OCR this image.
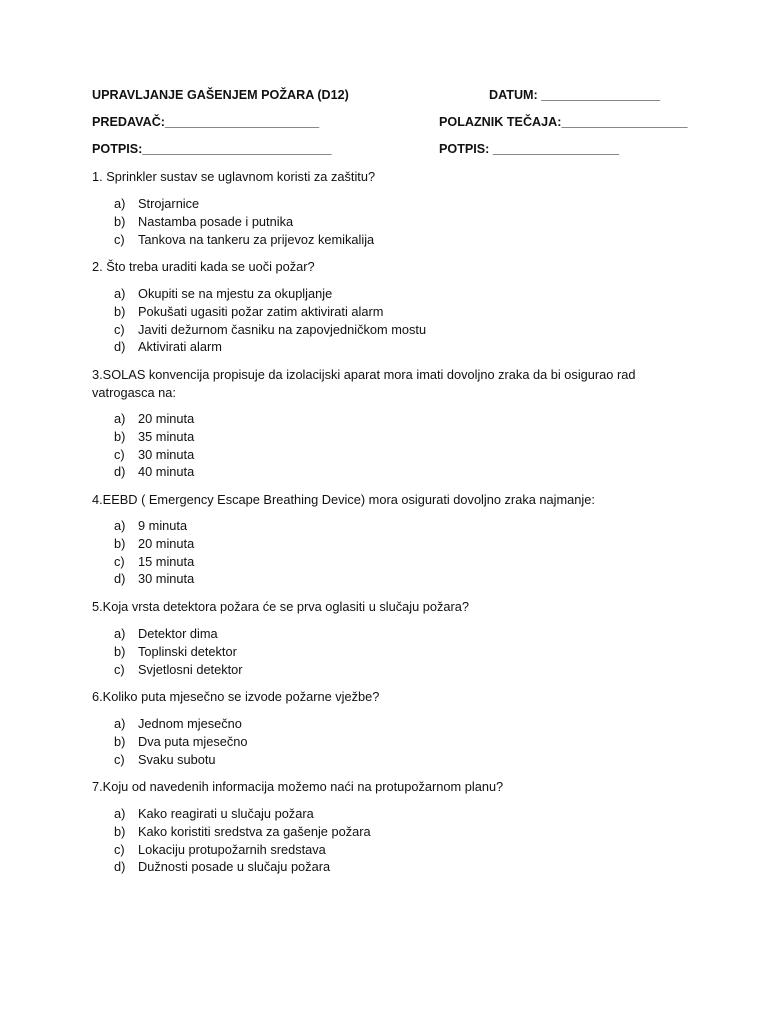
UPRAVLJANJE GAŠENJEM POŽARA (D12)	DATUM: _________________
PREDAVAČ:______________________	POLAZNIK TEČAJA:__________________
POTPIS:___________________________	POTPIS: __________________
1. Sprinkler sustav se uglavnom koristi za zaštitu?
a) Strojarnice
b) Nastamba posade i putnika
c) Tankova na tankeru za prijevoz kemikalija
2. Što treba uraditi kada se uoči požar?
a) Okupiti se na mjestu za okupljanje
b) Pokušati ugasiti požar zatim aktivirati alarm
c) Javiti dežurnom časniku na zapovjedničkom mostu
d) Aktivirati alarm
3.SOLAS konvencija propisuje da izolacijski aparat mora imati dovoljno zraka da bi osigurao rad vatrogasca na:
a) 20 minuta
b) 35 minuta
c) 30 minuta
d) 40 minuta
4.EEBD ( Emergency Escape Breathing Device) mora osigurati dovoljno zraka najmanje:
a) 9 minuta
b) 20 minuta
c) 15 minuta
d) 30 minuta
5.Koja vrsta detektora požara će se prva oglasiti u slučaju požara?
a) Detektor dima
b) Toplinski detektor
c) Svjetlosni detektor
6.Koliko puta mjesečno se izvode požarne vježbe?
a) Jednom mjesečno
b) Dva puta mjesečno
c) Svaku subotu
7.Koju od navedenih informacija možemo naći na protupožarnom planu?
a) Kako reagirati u slučaju požara
b) Kako koristiti sredstva za gašenje požara
c) Lokaciju protupožarnih sredstava
d) Dužnosti posade u slučaju požara
